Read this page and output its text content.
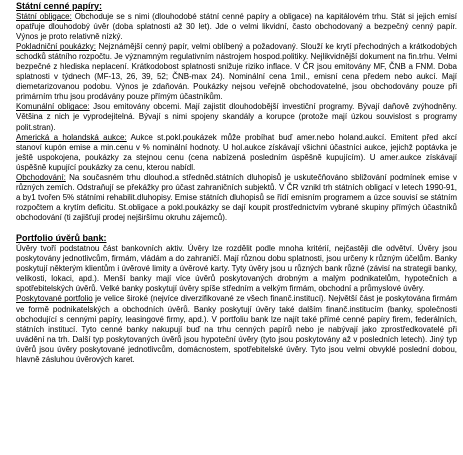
Státní cenné papíry:

Státní obligace: Obchoduje se s nimi (dlouhodobé státní cenné papíry a obligace) na kapitálovém trhu. Stát si jejich emisí opatřuje dlouhodobý úvěr (doba splatnosti až 30 let). Jde o velmi likvidní, často obchodovaný a bezpečný cenný papír. Výnos je proto relativně nízký.

Pokladniční poukázky: Nejznámější cenný papír, velmi oblíbený a požadovaný. Slouží ke krytí přechodných a krátkodobých schodků státního rozpočtu. Je významným regulativním nástrojem hospod.politiky. Nejlikvidnější dokument na fin.trhu. Velmi bezpečné z hlediska neplacení. Krátkodobost splatnosti snižuje riziko inflace. V ČR jsou emitovány MF, ČNB a FNM. Doba splatnosti v týdnech (MF-13, 26, 39, 52; ČNB-max 24). Nominální cena 1mil., emisní cena předem nebo aukcí. Mají diemetarizovanou podobu. Výnos je zdaňován. Poukázky nejsou veřejně obchodovatelné, jsou obchodovány pouze při primárním trhu jsou prodávány pouze přímým účastníkům.

Komunální obligace: Jsou emitovány obcemi. Mají zajistit dlouhodobější investiční programy. Bývají daňově zvýhodněny. Většina z nich je vyprodejitelná. Bývají s nimi spojeny skandály a korupce (protože mají úzkou souvislost s programy polit.stran).

Americká a holandská aukce: Aukce st.pokl.poukázek může probíhat buď amer.nebo holand.aukcí. Emitent před akcí stanoví kupón emise a min.cenu v % nominální hodnoty. U hol.aukce získávají všichni účastníci aukce, jejichž poptávka je ještě uspokojena, poukázky za stejnou cenu (cena nabízená posledním úspěšně kupujícím). U amer.aukce získávají úspěšně kupující poukázky za cenu, kterou nabídl.

Obchodování: Na současném trhu dlouhod.a středněd.státních dluhopisů je uskutečňováno sbližování podmínek emise v různých zemích. Odstraňují se překážky pro účast zahraničních subjektů. V ČR vznikl trh státních obligací v letech 1990-91, a by1 tvořen 5% státními rehabilit.dluhopisy. Emise státních dluhopisů se řídí emisním programem a úzce souvisí se státním rozpočtem a krytím deficitu. St.obligace a pokl.poukázky se dají koupit prostřednictvím vybrané skupiny přímých účastníků obchodování (ti zajišťují prodej nejširšímu okruhu zájemců).

Portfolio úvěrů bank:

Úvěry tvoří podstatnou část bankovních aktiv. Úvěry lze rozdělit podle mnoha kritérií, nejčastěji dle odvětví. Úvěry jsou poskytovány jednotlivcům, firmám, vládám a do zahraničí. Mají různou dobu splatnosti, jsou určeny k různým účelům. Banky poskytují některým klientům i úvěrové limity a úvěrové karty. Tyty úvěry jsou u různých bank různé (závisí na strategii banky, velikosti, lokaci, apd.). Menší banky mají více úvěrů poskytovaných drobným a malým podnikatelům, hypotečních a spotřebitelských úvěrů. Velké banky poskytují úvěry spíše středním a velkým firmám, obchodní a průmyslové úvěry.

Poskytované portfolio je velice široké (nejvíce diverzifikované ze všech finanč.institucí). Největší část je poskytována firmám ve formě podnikatelských a obchodních úvěrů. Banky poskytují úvěry také dalším finanč.institucím (banky, společnosti obchodující s cennými papíry, leasingové firmy, apd.). V portfoliu bank lze najít také přímé cenné papíry firem, federálních, státních institucí. Tyto cenné banky nakupují buď na trhu cenných papírů nebo je nabývají jako zprostředkovatelé při uvádění na trh. Další typ poskytovaných úvěrů jsou hypoteční úvěry (tyto jsou poskytovány až v posledních letech). Jiný typ úvěrů jsou úvěry poskytované jednotlivcům, domácnostem, spotřebitelské úvěry. Tyto jsou velmi obvyklé poslední dobou, hlavně zásluhou úvěrových karet.
